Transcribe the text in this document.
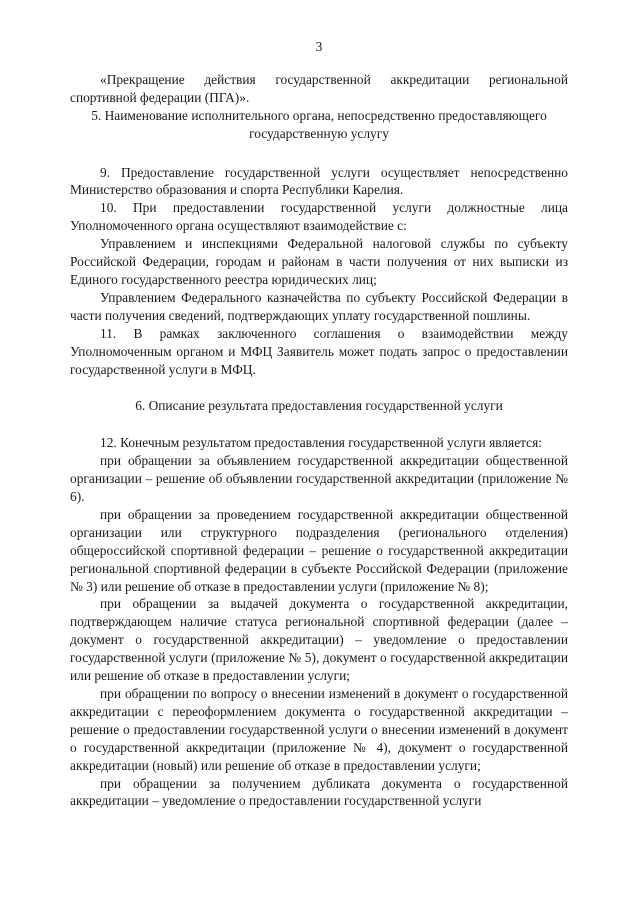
3

«Прекращение действия государственной аккредитации региональной спортивной федерации (ПГА)».

5. Наименование исполнительного органа, непосредственно предоставляющего государственную услугу

9. Предоставление государственной услуги осуществляет непосредственно Министерство образования и спорта Республики Карелия.

10. При предоставлении государственной услуги должностные лица Уполномоченного органа осуществляют взаимодействие с:

Управлением и инспекциями Федеральной налоговой службы по субъекту Российской Федерации, городам и районам в части получения от них выписки из Единого государственного реестра юридических лиц;

Управлением Федерального казначейства по субъекту Российской Федерации в части получения сведений, подтверждающих уплату государственной пошлины.

11. В рамках заключенного соглашения о взаимодействии между Уполномоченным органом и МФЦ Заявитель может подать запрос о предоставлении государственной услуги в МФЦ.

6. Описание результата предоставления государственной услуги

12. Конечным результатом предоставления государственной услуги является:

при обращении за объявлением государственной аккредитации общественной организации – решение об объявлении государственной аккредитации (приложение № 6).

при обращении за проведением государственной аккредитации общественной организации или структурного подразделения (регионального отделения) общероссийской спортивной федерации – решение о государственной аккредитации региональной спортивной федерации в субъекте Российской Федерации (приложение № 3) или решение об отказе в предоставлении услуги (приложение № 8);

при обращении за выдачей документа о государственной аккредитации, подтверждающем наличие статуса региональной спортивной федерации (далее – документ о государственной аккредитации) – уведомление о предоставлении государственной услуги (приложение № 5), документ о государственной аккредитации или решение об отказе в предоставлении услуги;

при обращении по вопросу о внесении изменений в документ о государственной аккредитации с переоформлением документа о государственной аккредитации – решение о предоставлении государственной услуги о внесении изменений в документ о государственной аккредитации (приложение № 4), документ о государственной аккредитации (новый) или решение об отказе в предоставлении услуги;

при обращении за получением дубликата документа о государственной аккредитации – уведомление о предоставлении государственной услуги
